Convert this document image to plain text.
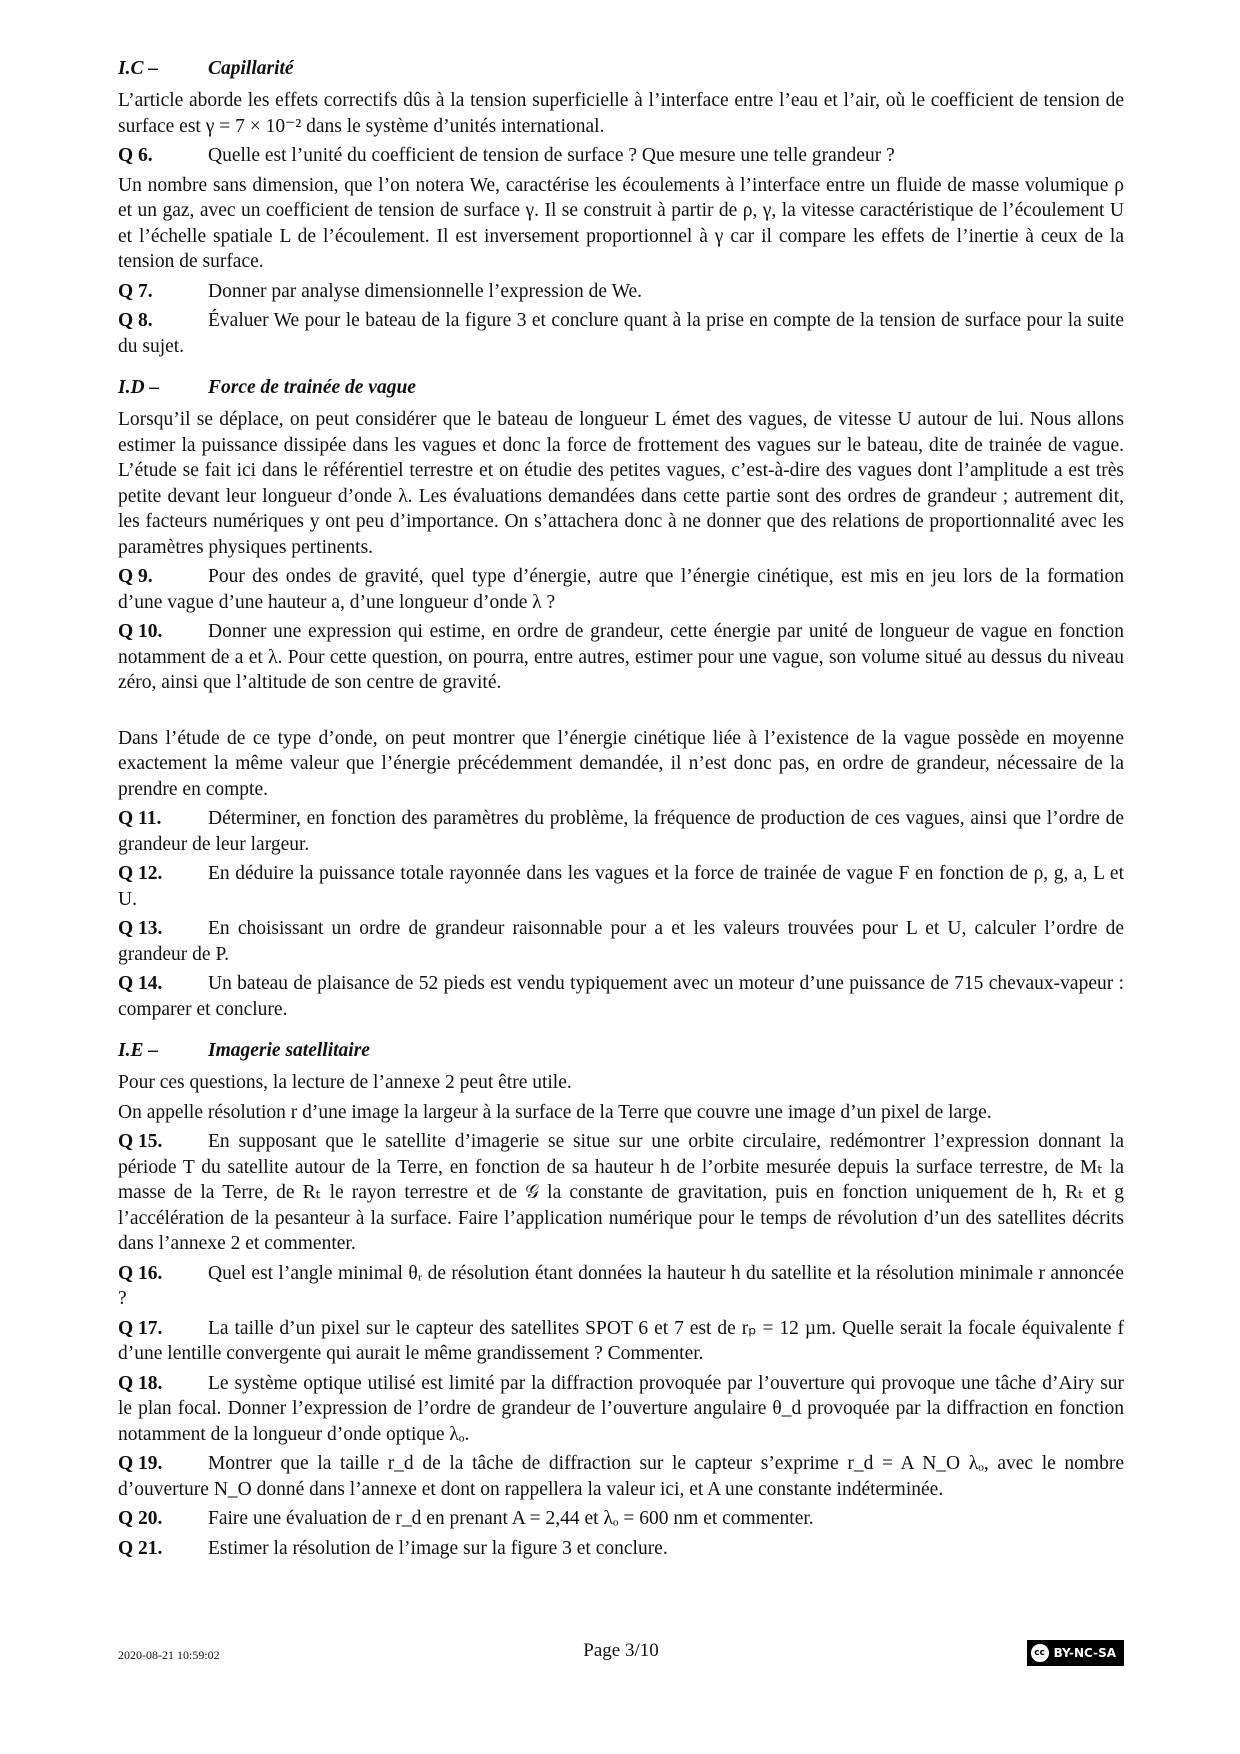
I.C –	Capillarité

L’article aborde les effets correctifs dûs à la tension superficielle à l’interface entre l’eau et l’air, où le coefficient de tension de surface est γ = 7 × 10⁻² dans le système d’unités international.

Q 6.	Quelle est l’unité du coefficient de tension de surface ? Que mesure une telle grandeur ?

Un nombre sans dimension, que l’on notera We, caractérise les écoulements à l’interface entre un fluide de masse volumique ρ et un gaz, avec un coefficient de tension de surface γ. Il se construit à partir de ρ, γ, la vitesse caractéristique de l’écoulement U et l’échelle spatiale L de l’écoulement. Il est inversement proportionnel à γ car il compare les effets de l’inertie à ceux de la tension de surface.

Q 7.	Donner par analyse dimensionnelle l’expression de We.
Q 8.	Évaluer We pour le bateau de la figure 3 et conclure quant à la prise en compte de la tension de surface pour la suite du sujet.
I.D –	Force de trainée de vague

Lorsqu’il se déplace, on peut considérer que le bateau de longueur L émet des vagues, de vitesse U autour de lui. Nous allons estimer la puissance dissipée dans les vagues et donc la force de frottement des vagues sur le bateau, dite de trainée de vague. L’étude se fait ici dans le référentiel terrestre et on étudie des petites vagues, c’est-à-dire des vagues dont l’amplitude a est très petite devant leur longueur d’onde λ. Les évaluations demandées dans cette partie sont des ordres de grandeur ; autrement dit, les facteurs numériques y ont peu d’importance. On s’attachera donc à ne donner que des relations de proportionnalité avec les paramètres physiques pertinents.

Q 9.	Pour des ondes de gravité, quel type d’énergie, autre que l’énergie cinétique, est mis en jeu lors de la formation d’une vague d’une hauteur a, d’une longueur d’onde λ ?
Q 10. Donner une expression qui estime, en ordre de grandeur, cette énergie par unité de longueur de vague en fonction notamment de a et λ. Pour cette question, on pourra, entre autres, estimer pour une vague, son volume situé au dessus du niveau zéro, ainsi que l’altitude de son centre de gravité.

Dans l’étude de ce type d’onde, on peut montrer que l’énergie cinétique liée à l’existence de la vague possède en moyenne exactement la même valeur que l’énergie précédemment demandée, il n’est donc pas, en ordre de grandeur, nécessaire de la prendre en compte.

Q 11. Déterminer, en fonction des paramètres du problème, la fréquence de production de ces vagues, ainsi que l’ordre de grandeur de leur largeur.
Q 12. En déduire la puissance totale rayonnée dans les vagues et la force de trainée de vague F en fonction de ρ, g, a, L et U.
Q 13. En choisissant un ordre de grandeur raisonnable pour a et les valeurs trouvées pour L et U, calculer l’ordre de grandeur de P.
Q 14. Un bateau de plaisance de 52 pieds est vendu typiquement avec un moteur d’une puissance de 715 chevaux-vapeur : comparer et conclure.
I.E –	Imagerie satellitaire

Pour ces questions, la lecture de l’annexe 2 peut être utile.

On appelle résolution r d’une image la largeur à la surface de la Terre que couvre une image d’un pixel de large.

Q 15. En supposant que le satellite d’imagerie se situe sur une orbite circulaire, redémontrer l’expression donnant la période T du satellite autour de la Terre, en fonction de sa hauteur h de l’orbite mesurée depuis la surface terrestre, de Mₜ la masse de la Terre, de Rₜ le rayon terrestre et de 𝒢 la constante de gravitation, puis en fonction uniquement de h, Rₜ et g l’accélération de la pesanteur à la surface. Faire l’application numérique pour le temps de révolution d’un des satellites décrits dans l’annexe 2 et commenter.
Q 16. Quel est l’angle minimal θᵣ de résolution étant données la hauteur h du satellite et la résolution minimale r annoncée ?
Q 17. La taille d’un pixel sur le capteur des satellites SPOT 6 et 7 est de rₚ = 12 µm. Quelle serait la focale équivalente f d’une lentille convergente qui aurait le même grandissement ? Commenter.
Q 18. Le système optique utilisé est limité par la diffraction provoquée par l’ouverture qui provoque une tâche d’Airy sur le plan focal. Donner l’expression de l’ordre de grandeur de l’ouverture angulaire θ_d provoquée par la diffraction en fonction notamment de la longueur d’onde optique λₒ.
Q 19. Montrer que la taille r_d de la tâche de diffraction sur le capteur s’exprime r_d = A N_O λₒ, avec le nombre d’ouverture N_O donné dans l’annexe et dont on rappellera la valeur ici, et A une constante indéterminée.
Q 20. Faire une évaluation de r_d en prenant A = 2,44 et λₒ = 600 nm et commenter.
Q 21. Estimer la résolution de l’image sur la figure 3 et conclure.
2020-08-21 10:59:02	Page 3/10	cc BY-NC-SA
